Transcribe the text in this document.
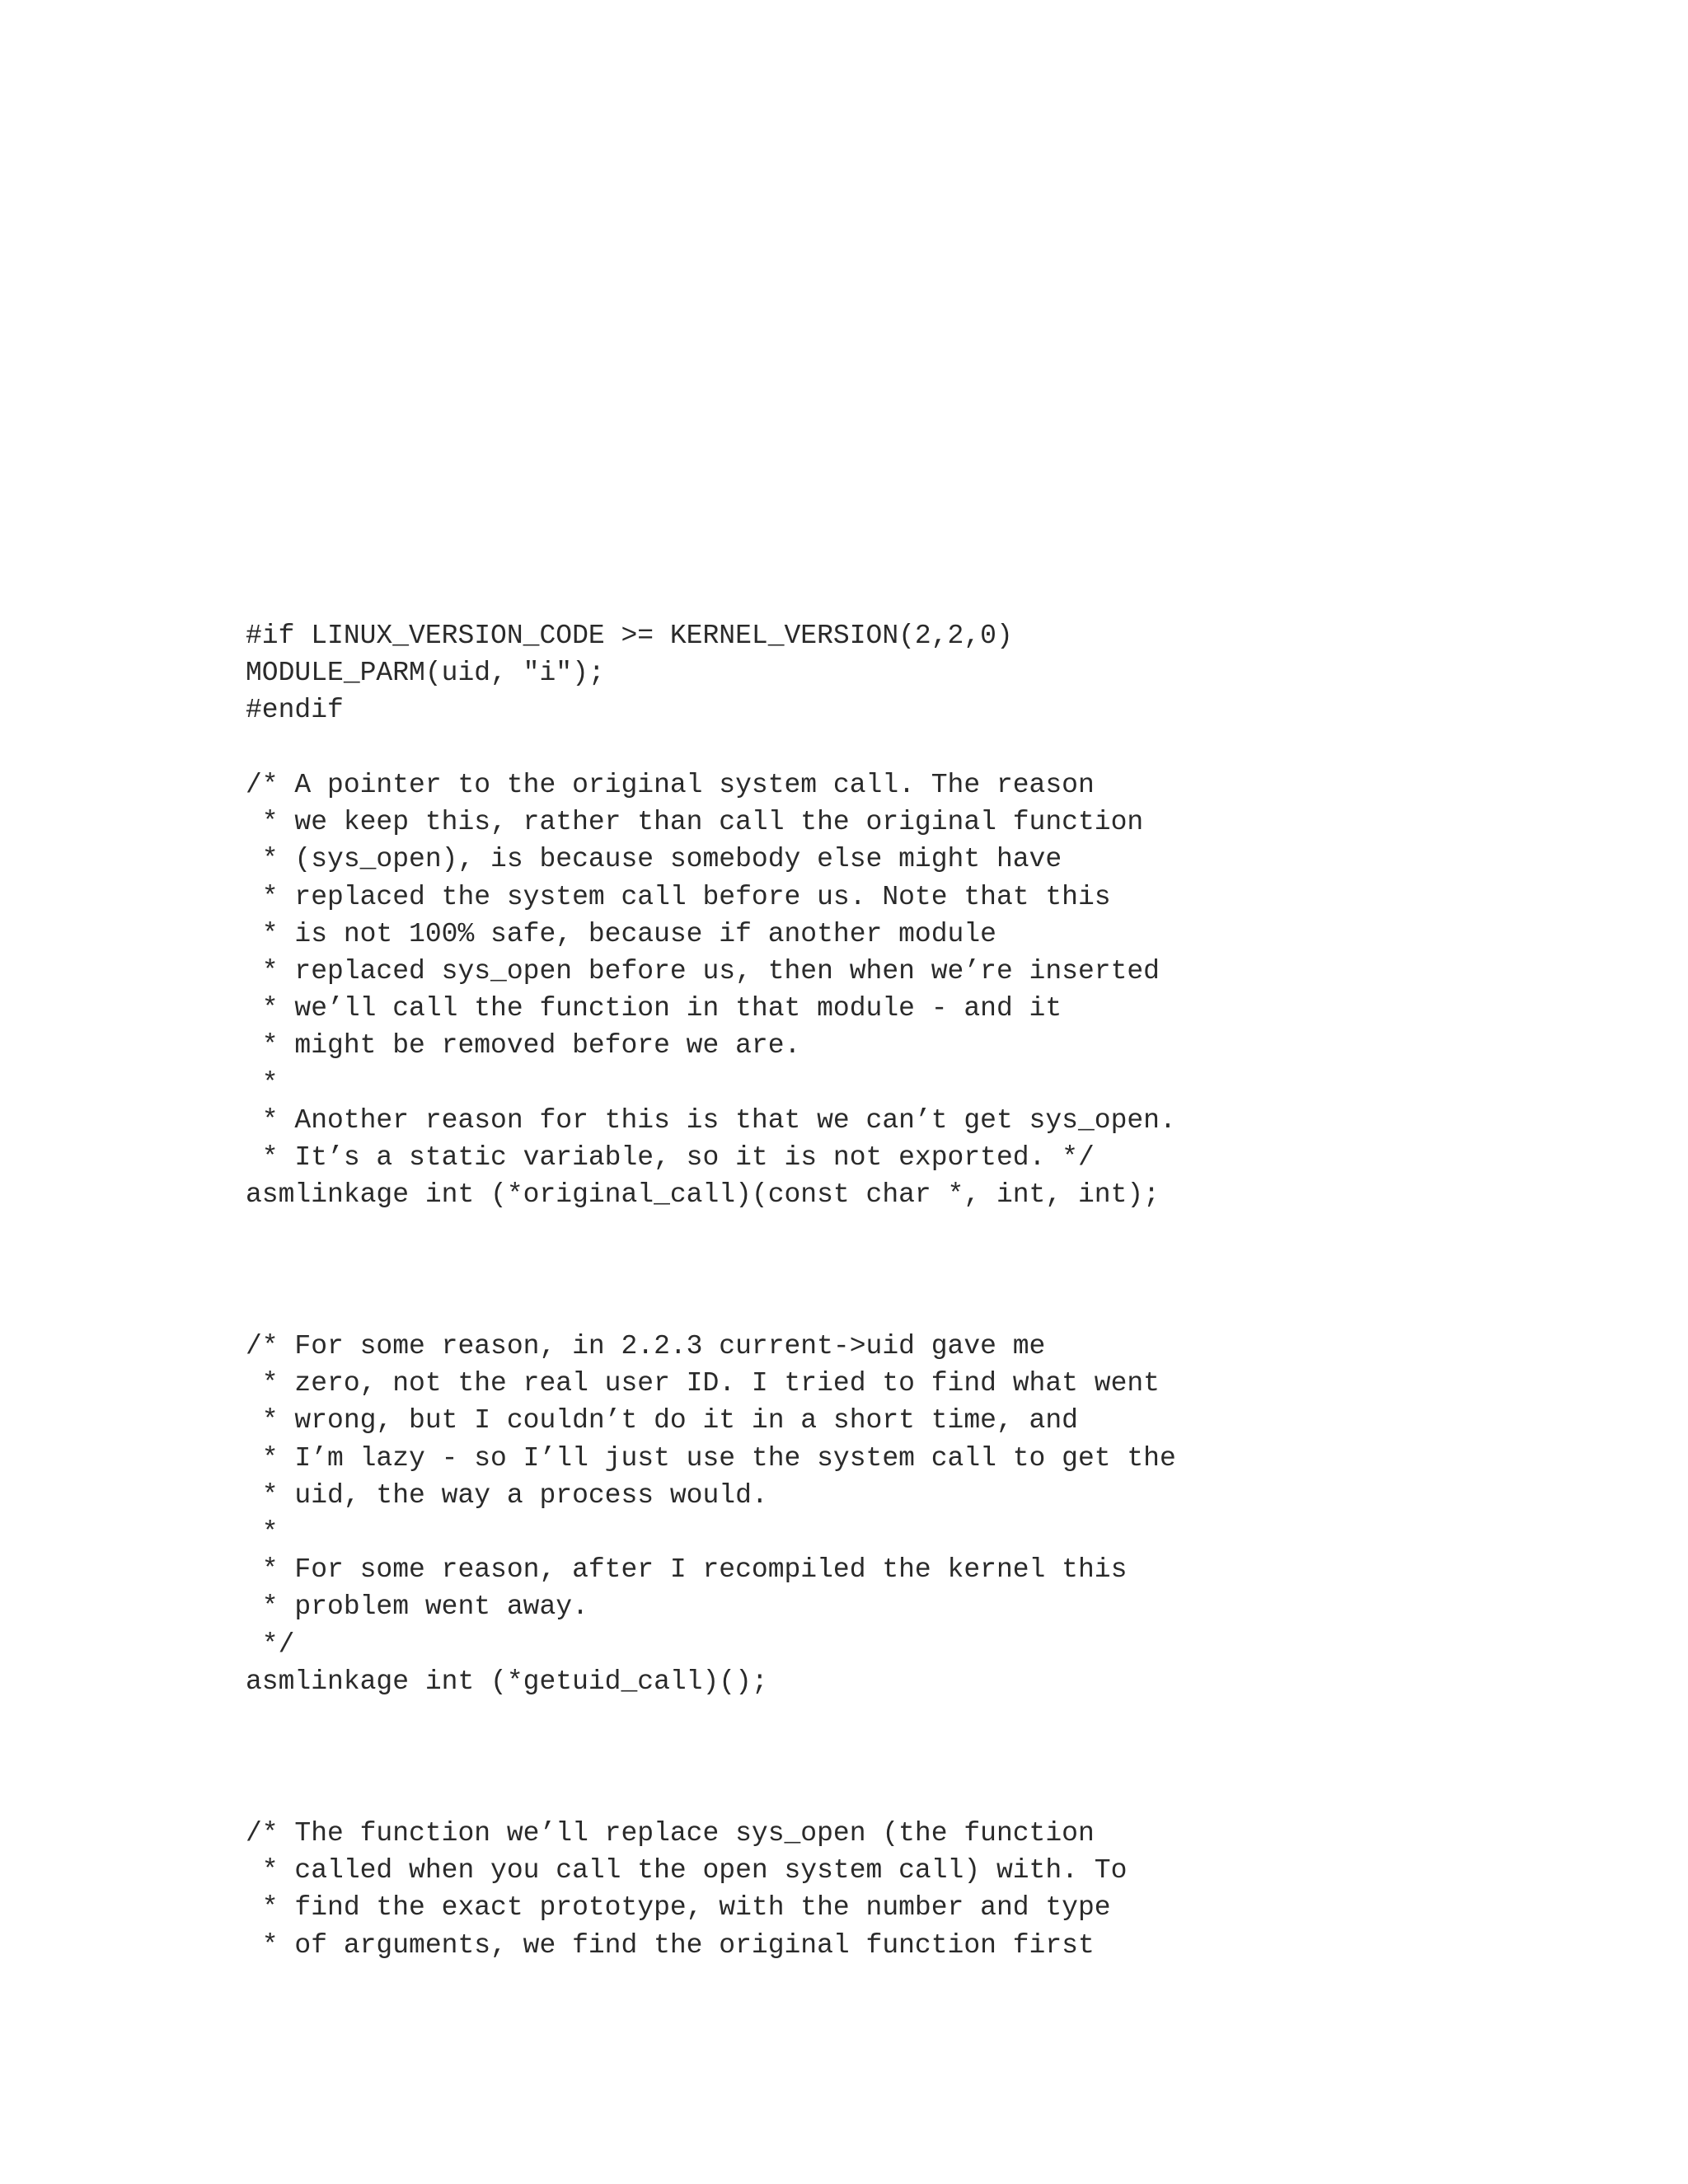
#if LINUX_VERSION_CODE >= KERNEL_VERSION(2,2,0)
MODULE_PARM(uid, "i");
#endif
/* A pointer to the original system call. The reason
* we keep this, rather than call the original function
* (sys_open), is because somebody else might have
* replaced the system call before us. Note that this
* is not 100% safe, because if another module
* replaced sys_open before us, then when we’re inserted
* we’ll call the function in that module - and it
* might be removed before we are.
*
* Another reason for this is that we can’t get sys_open.
* It’s a static variable, so it is not exported. */
asmlinkage int (*original_call)(const char *, int, int);
/* For some reason, in 2.2.3 current->uid gave me
* zero, not the real user ID. I tried to find what went
* wrong, but I couldn’t do it in a short time, and
* I’m lazy - so I’ll just use the system call to get the
* uid, the way a process would.
*
* For some reason, after I recompiled the kernel this
* problem went away.
*/
asmlinkage int (*getuid_call)();
/* The function we’ll replace sys_open (the function
* called when you call the open system call) with. To
* find the exact prototype, with the number and type
* of arguments, we find the original function first
